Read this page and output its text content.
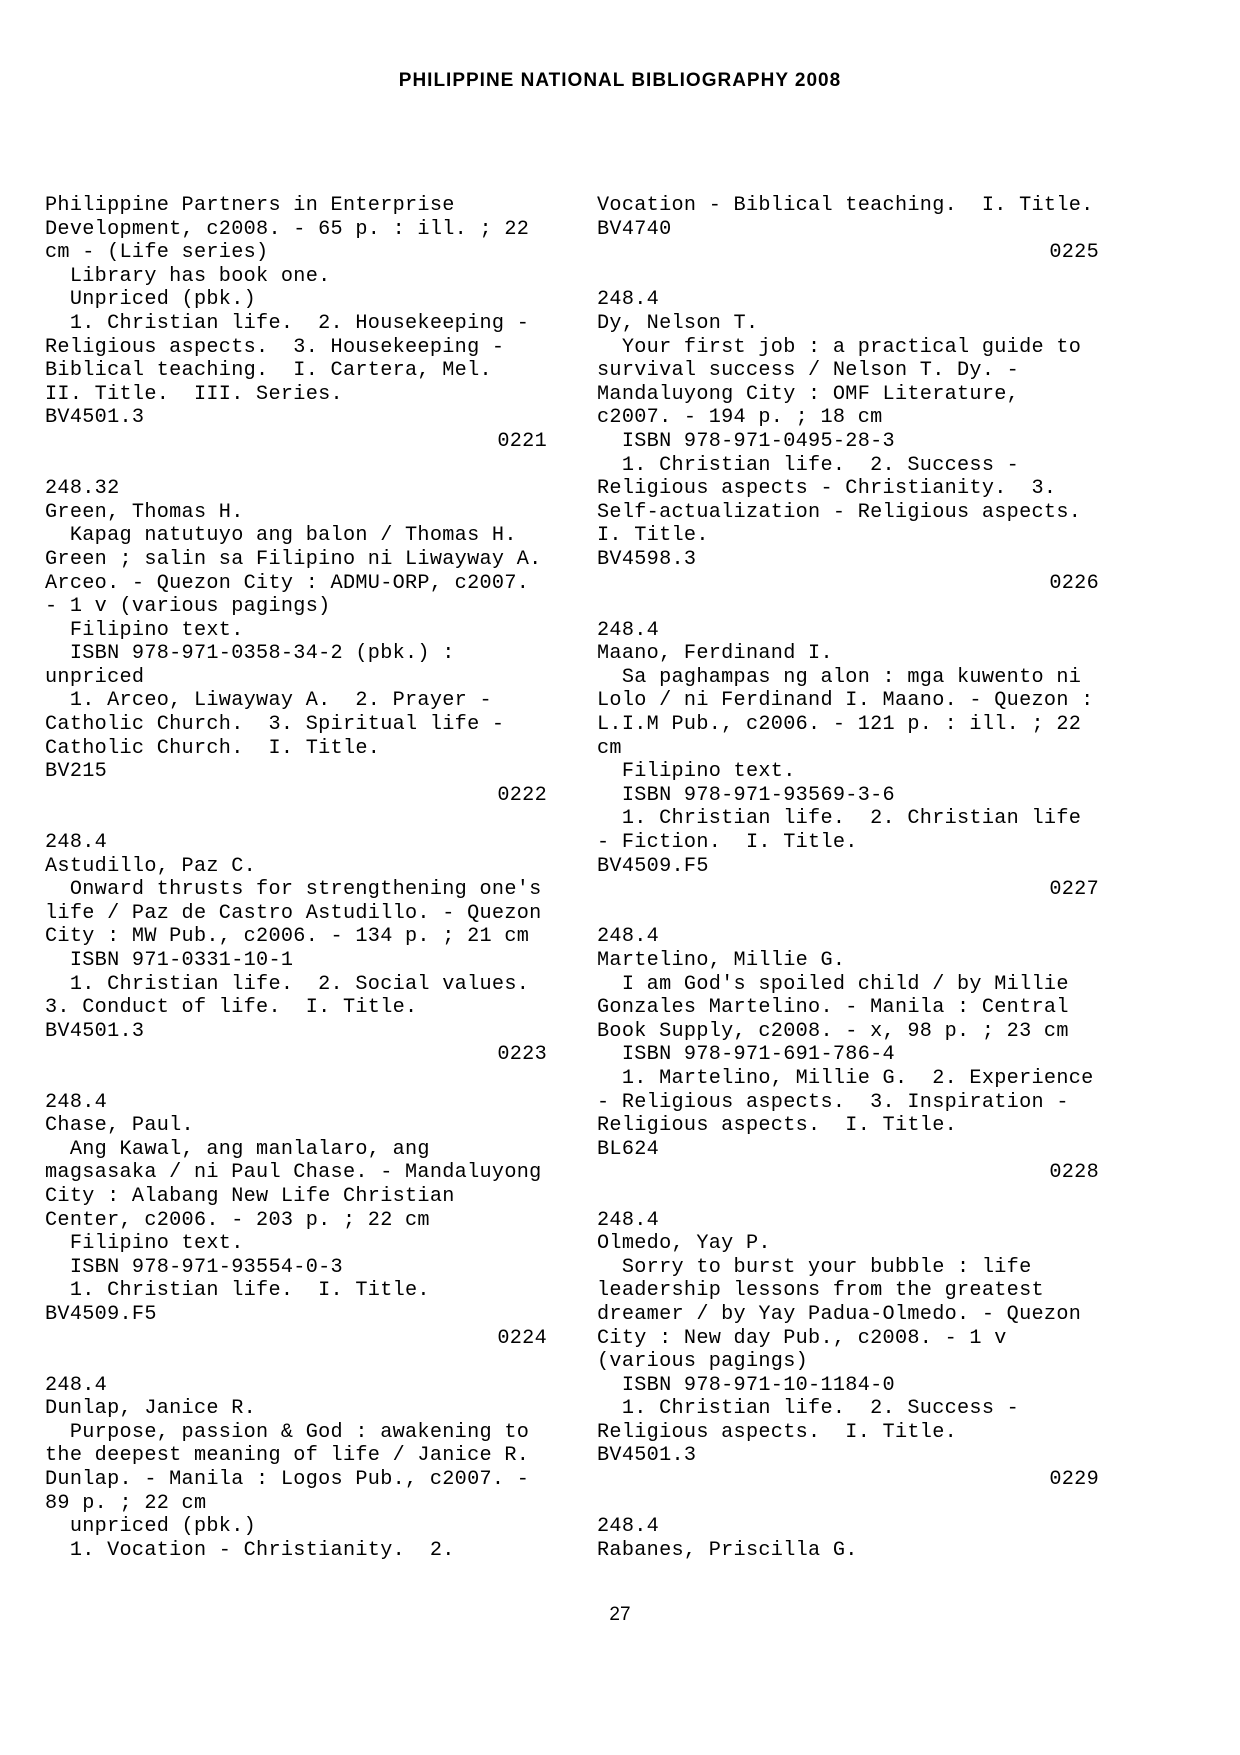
PHILIPPINE NATIONAL BIBLIOGRAPHY 2008
Philippine Partners in Enterprise
Development, c2008. - 65 p. : ill. ; 22
cm - (Life series)
Library has book one.
Unpriced (pbk.)
1. Christian life.  2. Housekeeping -
Religious aspects.  3. Housekeeping -
Biblical teaching.  I. Cartera, Mel.
II. Title.  III. Series.
BV4501.3
0221
248.32
Green, Thomas H.
Kapag natutuyo ang balon / Thomas H.
Green ; salin sa Filipino ni Liwayway A.
Arceo. - Quezon City : ADMU-ORP, c2007.
- 1 v (various pagings)
Filipino text.
ISBN 978-971-0358-34-2 (pbk.) :
unpriced
1. Arceo, Liwayway A.  2. Prayer -
Catholic Church.  3. Spiritual life -
Catholic Church.  I. Title.
BV215
0222
248.4
Astudillo, Paz C.
Onward thrusts for strengthening one's
life / Paz de Castro Astudillo. - Quezon
City : MW Pub., c2006. - 134 p. ; 21 cm
ISBN 971-0331-10-1
1. Christian life.  2. Social values.
3. Conduct of life.  I. Title.
BV4501.3
0223
248.4
Chase, Paul.
Ang Kawal, ang manlalaro, ang
magsasaka / ni Paul Chase. - Mandaluyong
City : Alabang New Life Christian
Center, c2006. - 203 p. ; 22 cm
Filipino text.
ISBN 978-971-93554-0-3
1. Christian life.  I. Title.
BV4509.F5
0224
248.4
Dunlap, Janice R.
Purpose, passion & God : awakening to
the deepest meaning of life / Janice R.
Dunlap. - Manila : Logos Pub., c2007. -
89 p. ; 22 cm
unpriced (pbk.)
1. Vocation - Christianity.  2.
Vocation - Biblical teaching.  I. Title.
BV4740
0225
248.4
Dy, Nelson T.
Your first job : a practical guide to
survival success / Nelson T. Dy. -
Mandaluyong City : OMF Literature,
c2007. - 194 p. ; 18 cm
ISBN 978-971-0495-28-3
1. Christian life.  2. Success -
Religious aspects - Christianity.  3.
Self-actualization - Religious aspects.
I. Title.
BV4598.3
0226
248.4
Maano, Ferdinand I.
Sa paghampas ng alon : mga kuwento ni
Lolo / ni Ferdinand I. Maano. - Quezon :
L.I.M Pub., c2006. - 121 p. : ill. ; 22
cm
Filipino text.
ISBN 978-971-93569-3-6
1. Christian life.  2. Christian life
- Fiction.  I. Title.
BV4509.F5
0227
248.4
Martelino, Millie G.
I am God's spoiled child / by Millie
Gonzales Martelino. - Manila : Central
Book Supply, c2008. - x, 98 p. ; 23 cm
ISBN 978-971-691-786-4
1. Martelino, Millie G.  2. Experience
- Religious aspects.  3. Inspiration -
Religious aspects.  I. Title.
BL624
0228
248.4
Olmedo, Yay P.
Sorry to burst your bubble : life
leadership lessons from the greatest
dreamer / by Yay Padua-Olmedo. - Quezon
City : New day Pub., c2008. - 1 v
(various pagings)
ISBN 978-971-10-1184-0
1. Christian life.  2. Success -
Religious aspects.  I. Title.
BV4501.3
0229
248.4
Rabanes, Priscilla G.
27
